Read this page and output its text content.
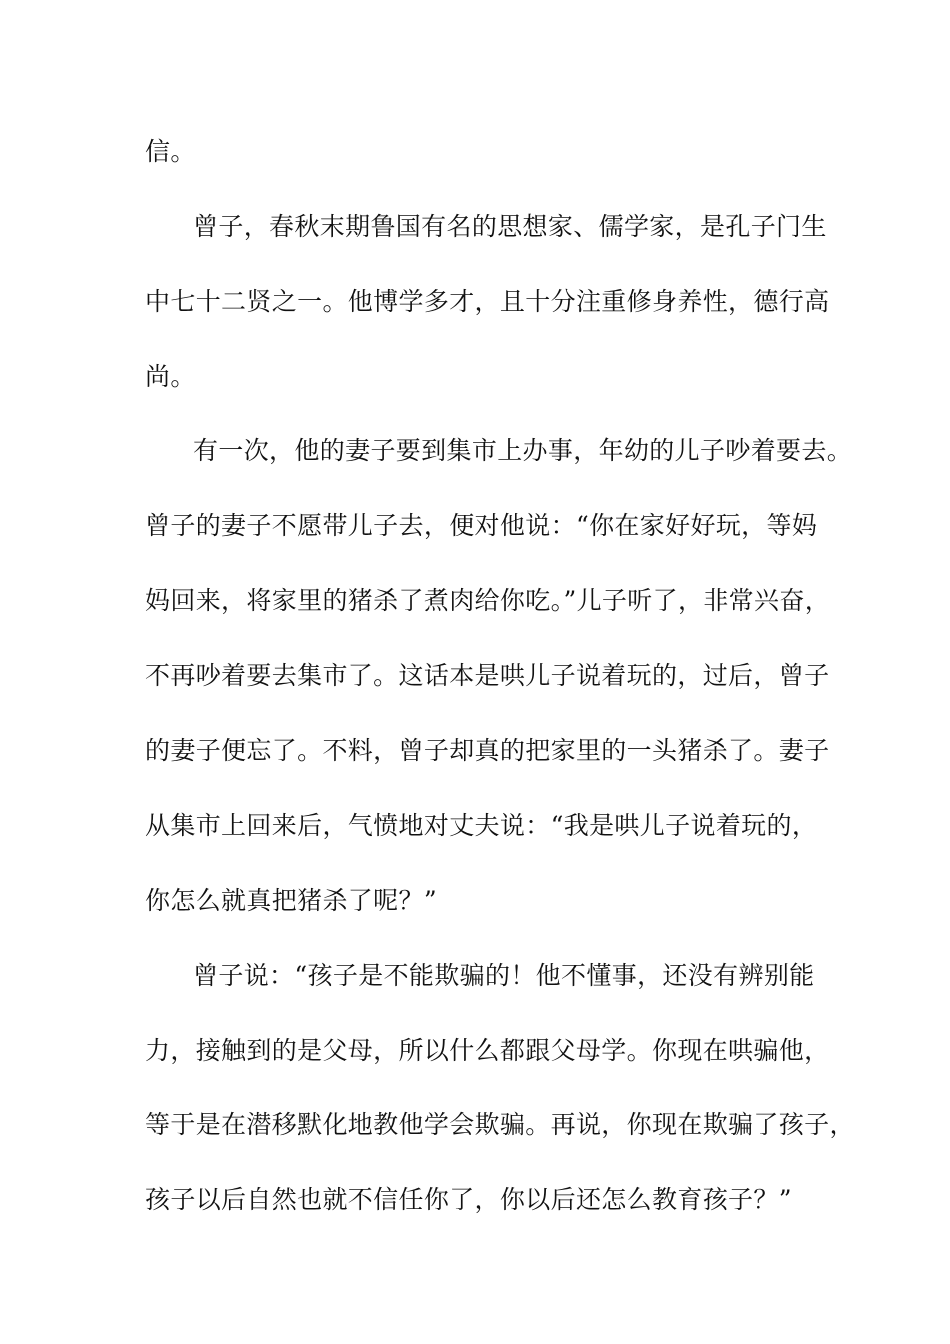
信。
曾子，春秋末期鲁国有名的思想家、儒学家，是孔子门生
中七十二贤之一。他博学多才，且十分注重修身养性，德行高
尚。
有一次，他的妻子要到集市上办事，年幼的儿子吵着要去。
曾子的妻子不愿带儿子去，便对他说：“你在家好好玩，等妈
妈回来，将家里的猪杀了煮肉给你吃。”儿子听了，非常兴奋，
不再吵着要去集市了。这话本是哄儿子说着玩的，过后，曾子
的妻子便忘了。不料，曾子却真的把家里的一头猪杀了。妻子
从集市上回来后，气愤地对丈夫说：“我是哄儿子说着玩的，
你怎么就真把猪杀了呢？”
曾子说：“孩子是不能欺骗的！他不懂事，还没有辨别能
力，接触到的是父母，所以什么都跟父母学。你现在哄骗他，
等于是在潜移默化地教他学会欺骗。再说，你现在欺骗了孩子，
孩子以后自然也就不信任你了，你以后还怎么教育孩子？”
